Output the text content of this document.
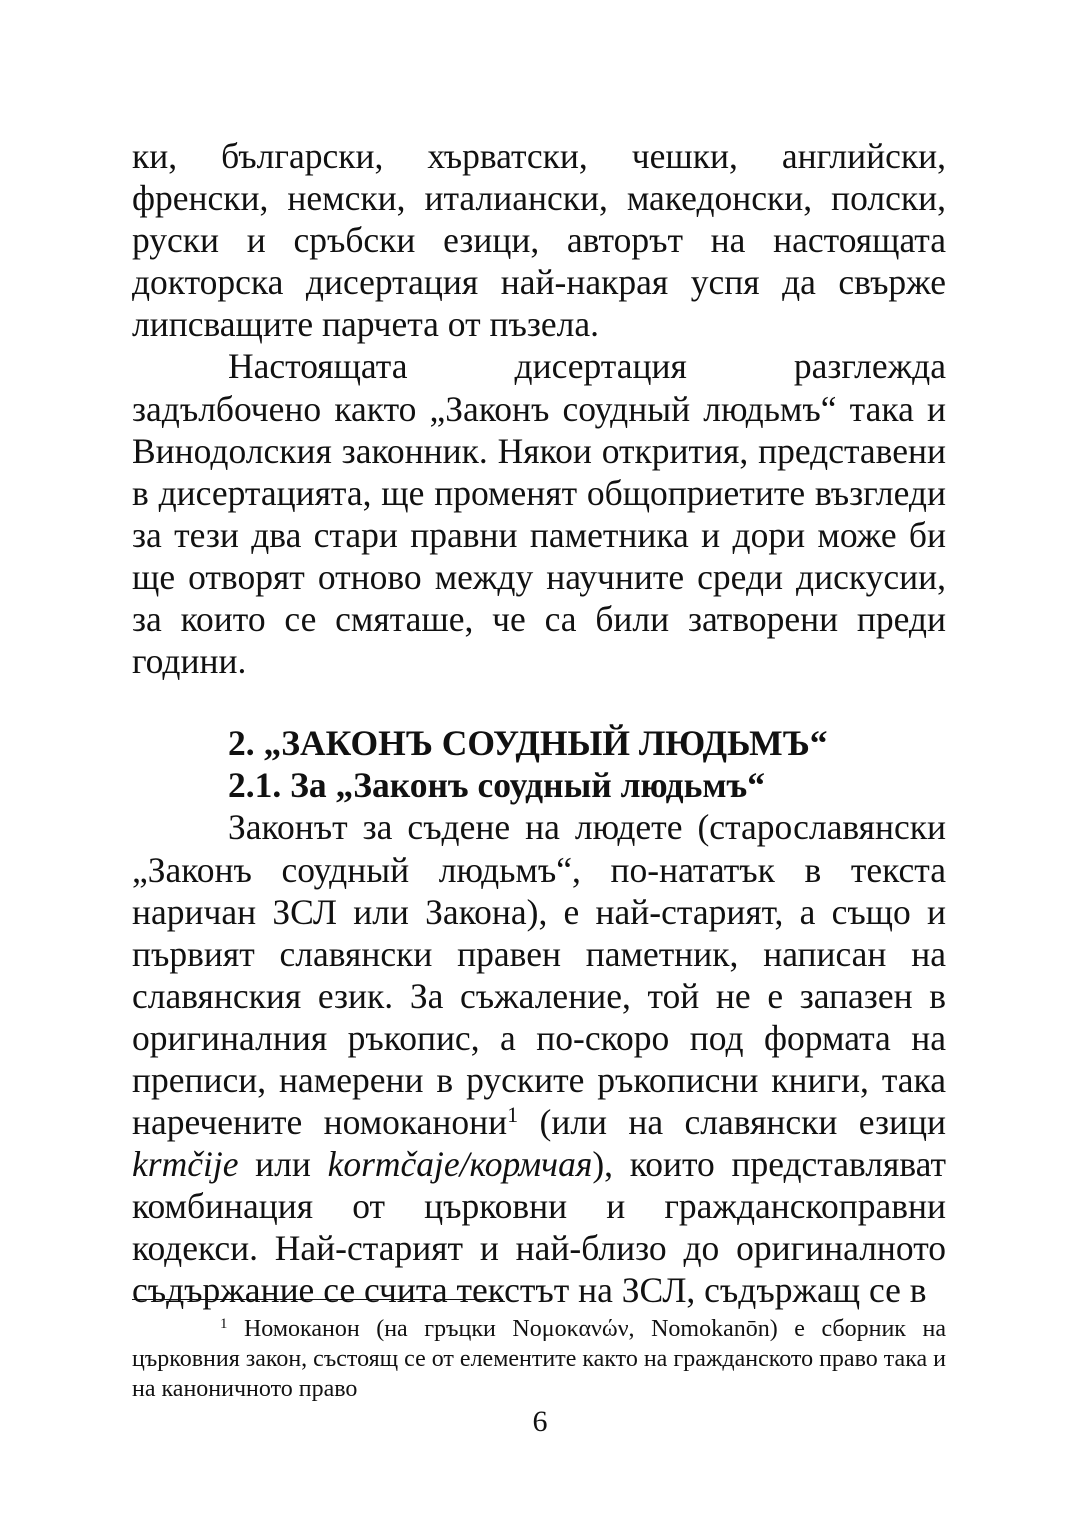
ки, български, хърватски, чешки, английски, френски, немски, италиански, македонски, полски, руски и сръбски езици, авторът на настоящата докторска дисертация най-накрая успя да свърже липсващите парчета от пъзела.

Настоящата дисертация разглежда задълбочено както „Законъ соудный людьмъ“ така и Винодолския законник. Някои открития, представени в дисертацията, ще променят общоприетите възгледи за тези два стари правни паметника и дори може би ще отворят отново между научните среди дискусии, за които се смяташе, че са били затворени преди години.

2. „ЗАКОНЪ СОУДНЫЙ ЛЮДЬМЪ“
2.1. За „Законъ соудный людьмъ“

Законът за съдене на людете (старославянски „Законъ соудный людьмъ“, по-нататък в текста наричан ЗСЛ или Закона), е най-старият, а също и първият славянски правен паметник, написан на славянския език. За съжаление, той не е запазен в оригиналния ръкопис, а по-скоро под формата на преписи, намерени в руските ръкописни книги, така наречените номоканони$^1$ (или на славянски езици krmčije или kormčaje/кормчая), които представляват комбинация от църковни и гражданскоправни кодекси. Най-старият и най-близо до оригиналното съдържание се счита текстът на ЗСЛ, съдържащ се в

$^1$ Номоканон (на гръцки Νομοκανών, Nomokanōn) е сборник на църковния закон, състоящ се от елементите както на гражданското право така и на каноничното право
6
